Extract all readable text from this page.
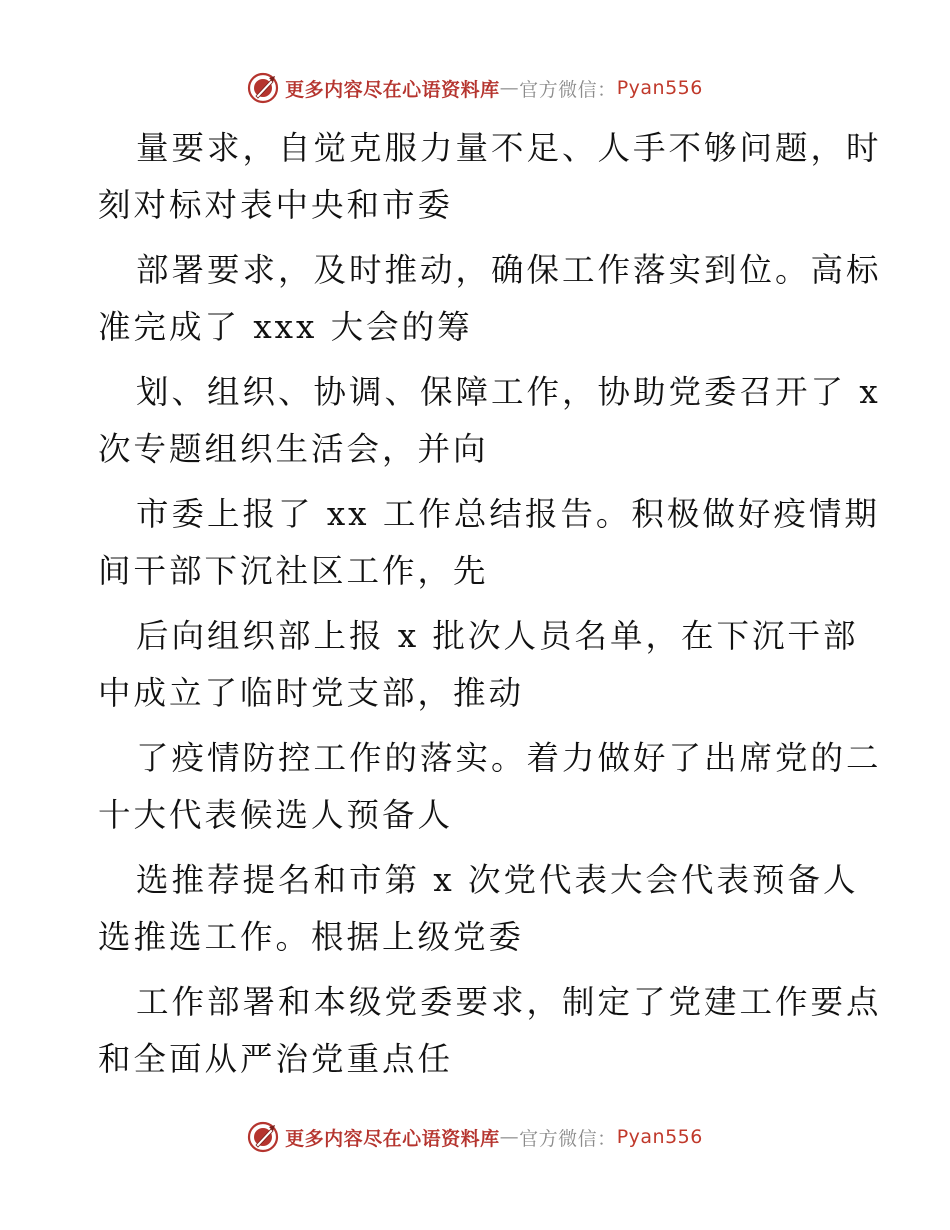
更多内容尽在心语资料库 — 官方微信： Pyan556

量要求，自觉克服力量不足、人手不够问题，时
刻对标对表中央和市委

部署要求，及时推动，确保工作落实到位。高标
准完成了 xxx 大会的筹

划、组织、协调、保障工作，协助党委召开了 x
次专题组织生活会，并向

市委上报了 xx 工作总结报告。积极做好疫情期
间干部下沉社区工作，先

后向组织部上报 x 批次人员名单，在下沉干部
中成立了临时党支部，推动

了疫情防控工作的落实。着力做好了出席党的二
十大代表候选人预备人

选推荐提名和市第 x 次党代表大会代表预备人
选推选工作。根据上级党委

工作部署和本级党委要求，制定了党建工作要点
和全面从严治党重点任

更多内容尽在心语资料库 — 官方微信： Pyan556
